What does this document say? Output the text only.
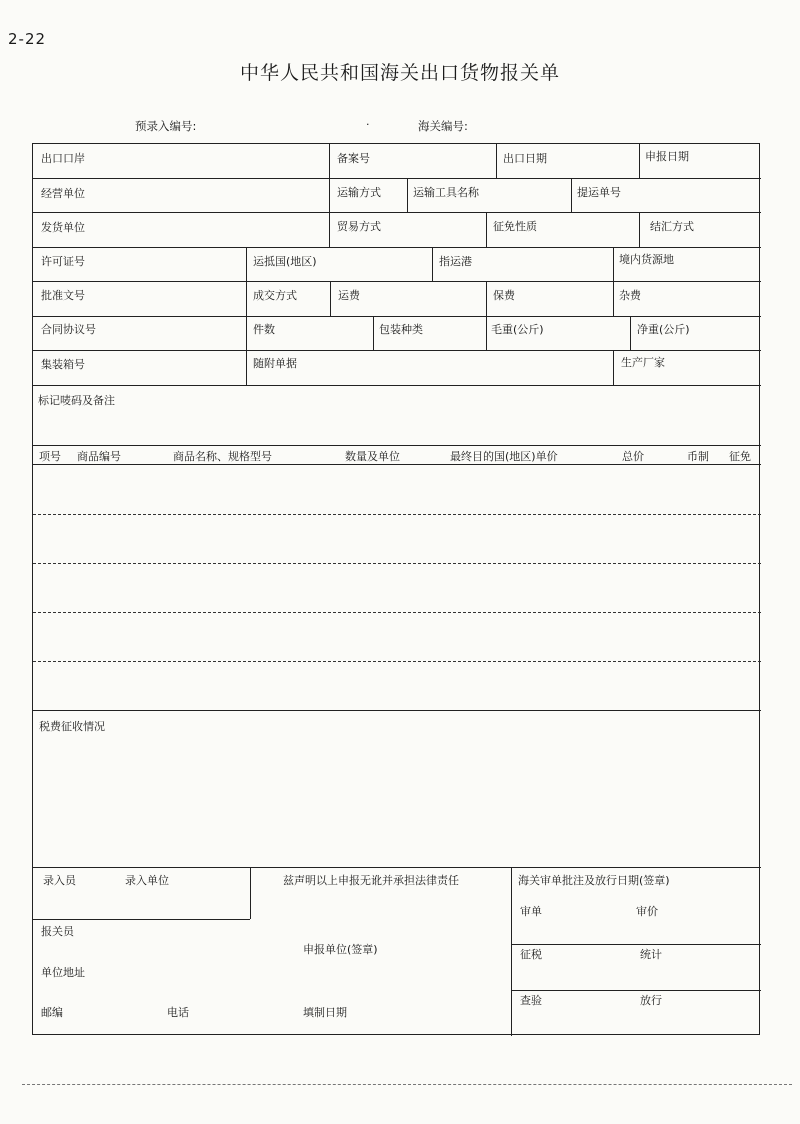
2-22
中华人民共和国海关出口货物报关单
预录入编号:	·	海关编号:
出口口岸	备案号	出口日期	申报日期
经营单位	运输方式	运输工具名称	提运单号
发货单位	贸易方式	征免性质	结汇方式
许可证号	运抵国(地区)	指运港	境内货源地
批准文号	成交方式	运费	保费	杂费
合同协议号	件数	包装种类	毛重(公斤)	净重(公斤)
集装箱号	随附单据	生产厂家
标记唛码及备注
项号 商品编号	商品名称、规格型号	数量及单位	最终目的国(地区)单价	总价	币制 征免
税费征收情况
录入员	录入单位	兹声明以上申报无讹并承担法律责任	海关审单批注及放行日期(签章)
审单	审价
报关员
申报单位(签章)	征税	统计
单位地址
查验	放行
邮编	电话	填制日期
